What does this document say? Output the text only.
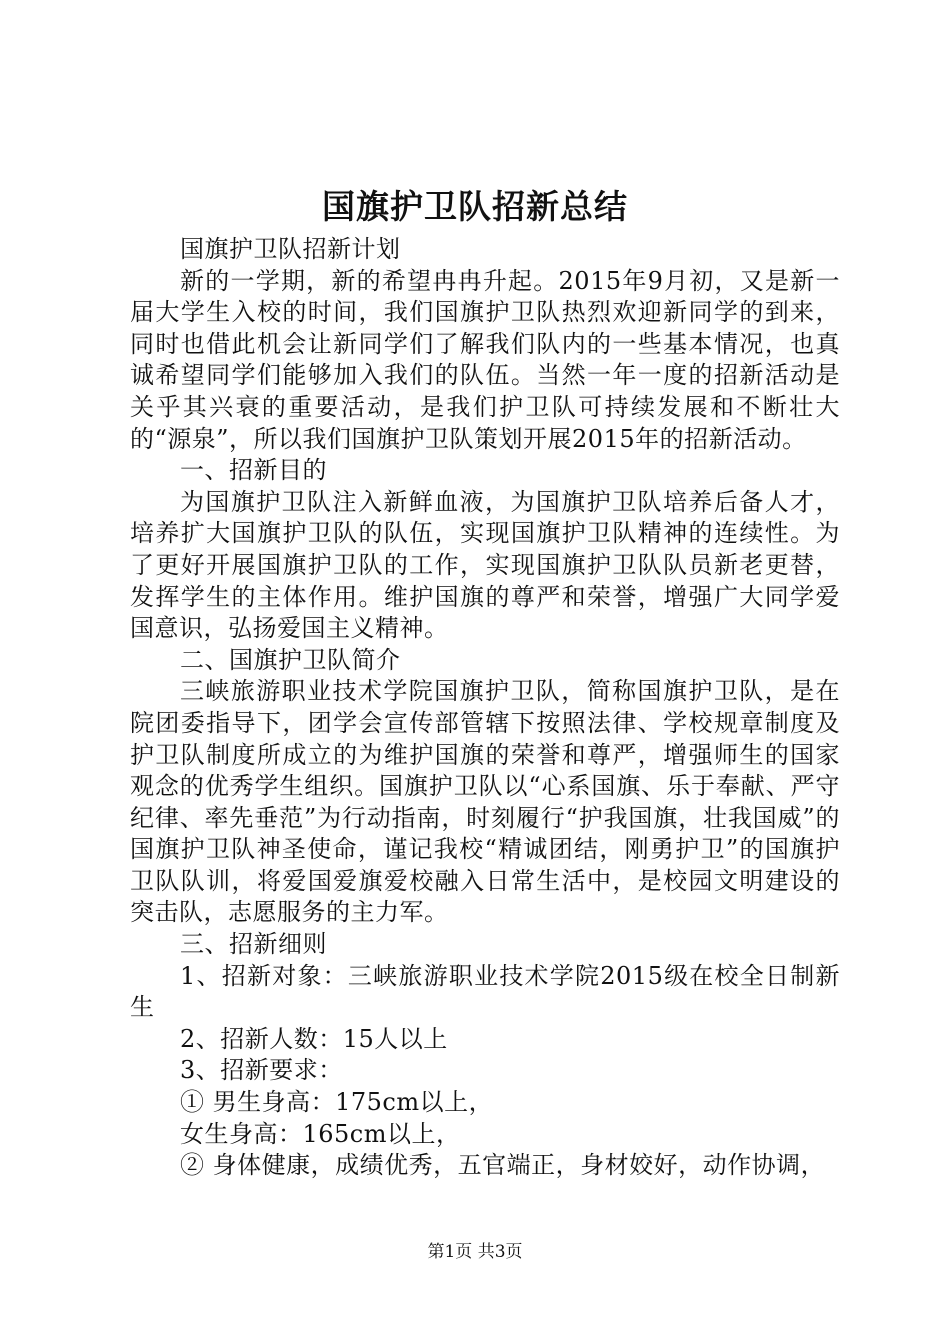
国旗护卫队招新总结

国旗护卫队招新计划

新的一学期，新的希望冉冉升起。2015年9月初，又是新一届大学生入校的时间，我们国旗护卫队热烈欢迎新同学的到来，同时也借此机会让新同学们了解我们队内的一些基本情况，也真诚希望同学们能够加入我们的队伍。当然一年一度的招新活动是关乎其兴衰的重要活动，是我们护卫队可持续发展和不断壮大的“源泉”，所以我们国旗护卫队策划开展2015年的招新活动。

一、招新目的

为国旗护卫队注入新鲜血液，为国旗护卫队培养后备人才，培养扩大国旗护卫队的队伍，实现国旗护卫队精神的连续性。为了更好开展国旗护卫队的工作，实现国旗护卫队队员新老更替，发挥学生的主体作用。维护国旗的尊严和荣誉，增强广大同学爱国意识，弘扬爱国主义精神。

二、国旗护卫队简介

三峡旅游职业技术学院国旗护卫队，简称国旗护卫队，是在院团委指导下，团学会宣传部管辖下按照法律、学校规章制度及护卫队制度所成立的为维护国旗的荣誉和尊严，增强师生的国家观念的优秀学生组织。国旗护卫队以“心系国旗、乐于奉献、严守纪律、率先垂范”为行动指南，时刻履行“护我国旗，壮我国威”的国旗护卫队神圣使命，谨记我校“精诚团结，刚勇护卫”的国旗护卫队队训，将爱国爱旗爱校融入日常生活中，是校园文明建设的突击队，志愿服务的主力军。

三、招新细则

1、招新对象：三峡旅游职业技术学院2015级在校全日制新生

2、招新人数：15人以上

3、招新要求：

① 男生身高：175cm以上，

女生身高：165cm以上，

② 身体健康，成绩优秀，五官端正，身材姣好，动作协调，

第1页 共3页
